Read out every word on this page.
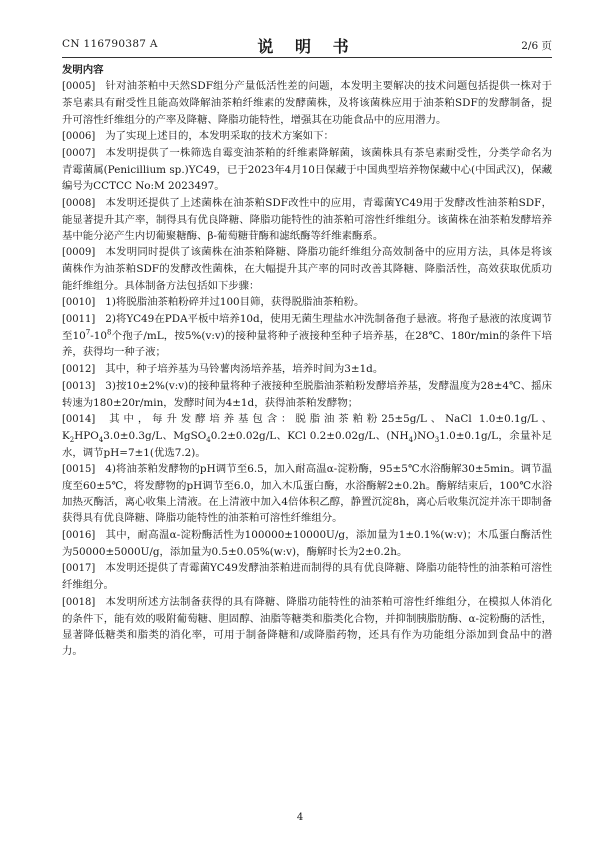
CN 116790387 A	说 明 书	2/6 页

发明内容

[0005] 针对油茶粕中天然SDF组分产量低活性差的问题，本发明主要解决的技术问题包括提供一株对于茶皂素具有耐受性且能高效降解油茶粕纤维素的发酵菌株，及将该菌株应用于油茶粕SDF的发酵制备，提升可溶性纤维组分的产率及降糖、降脂功能特性，增强其在功能食品中的应用潜力。

[0006] 为了实现上述目的，本发明采取的技术方案如下：

[0007] 本发明提供了一株筛选自霉变油茶粕的纤维素降解菌，该菌株具有茶皂素耐受性，分类学命名为青霉菌属(Penicillium sp.)YC49，已于2023年4月10日保藏于中国典型培养物保藏中心(中国武汉)，保藏编号为CCTCC No:M 2023497。

[0008] 本发明还提供了上述菌株在油茶粕SDF改性中的应用，青霉菌YC49用于发酵改性油茶粕SDF，能显著提升其产率，制得具有优良降糖、降脂功能特性的油茶粕可溶性纤维组分。该菌株在油茶粕发酵培养基中能分泌产生内切葡聚糖酶、β-葡萄糖苷酶和滤纸酶等纤维素酶系。

[0009] 本发明同时提供了该菌株在油茶粕降糖、降脂功能纤维组分高效制备中的应用方法，具体是将该菌株作为油茶粕SDF的发酵改性菌株，在大幅提升其产率的同时改善其降糖、降脂活性，高效获取优质功能纤维组分。具体制备方法包括如下步骤：

[0010] 1)将脱脂油茶粕粉碎并过100目筛，获得脱脂油茶粕粉。

[0011] 2)将YC49在PDA平板中培养10d，使用无菌生理盐水冲洗制备孢子悬液。将孢子悬液的浓度调节至$10^7-10^8$个孢子/mL，按5%(v:v)的接种量将种子液接种至种子培养基，在28℃、180r/min的条件下培养，获得均一种子液；

[0012] 其中，种子培养基为马铃薯肉汤培养基，培养时间为3±1d。

[0013] 3)按10±2%(v:v)的接种量将种子液接种至脱脂油茶粕粉发酵培养基，发酵温度为28±4℃、摇床转速为180±20r/min，发酵时间为4±1d，获得油茶粕发酵物；

[0014] 其中，每升发酵培养基包含：脱脂油茶粕粉25±5g/L、NaCl 1.0±0.1g/L、$K_2HPO_43.0\pm 0.3g/L$、MgSO$_4$0.2±0.02g/L、KCl 0.2±0.02g/L、$(NH_4)NO_31.0\pm 0.1g/L$，余量补足水，调节pH=7±1(优选7.2)。

[0015] 4)将油茶粕发酵物的pH调节至6.5，加入耐高温α-淀粉酶，95±5℃水浴酶解30±5min。调节温度至60±5℃，将发酵物的pH调节至6.0，加入木瓜蛋白酶，水浴酶解2±0.2h。酶解结束后，100℃水浴加热灭酶活，离心收集上清液。在上清液中加入4倍体积乙醇，静置沉淀8h，离心后收集沉淀并冻干即制备获得具有优良降糖、降脂功能特性的油茶粕可溶性纤维组分。

[0016] 其中，耐高温α-淀粉酶活性为100000±10000U/g，添加量为1±0.1%(w:v)；木瓜蛋白酶活性为50000±5000U/g，添加量为0.5±0.05%(w:v)，酶解时长为2±0.2h。

[0017] 本发明还提供了青霉菌YC49发酵油茶粕进而制得的具有优良降糖、降脂功能特性的油茶粕可溶性纤维组分。

[0018] 本发明所述方法制备获得的具有降糖、降脂功能特性的油茶粕可溶性纤维组分，在模拟人体消化的条件下，能有效的吸附葡萄糖、胆固醇、油脂等糖类和脂类化合物，并抑制胰脂肪酶、α-淀粉酶的活性，显著降低糖类和脂类的消化率，可用于制备降糖和/或降脂药物，还具有作为功能组分添加到食品中的潜力。

4
